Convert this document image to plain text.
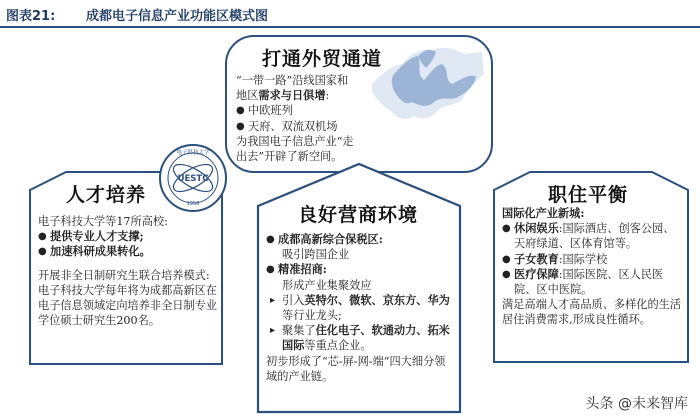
图表21: 成都电子信息产业功能区模式图
打通外贸通道

“一带一路”沿线国家和

地区需求与日俱增:

● 中欧班列
● 天府、双流双机场

为我国电子信息产业“走

出去”开辟了新空间。

人才培养
UESTC
1956
电子科技大学

电子科技大学等17所高校:

● 提供专业人才支撑;
● 加速科研成果转化。

开展非全日制研究生联合培养模式:电子科技大学每年将为成都高新区在电子信息领域定向培养非全日制专业学位硕士研究生200名。

良好营商环境
● 成都高新综合保税区:

吸引跨国企业

● 精准招商:

形成产业集聚效应

▸ 引入英特尔、微软、京东方、华为等行业龙头;
▸ 聚集了住化电子、软通动力、拓米国际等重点企业。

初步形成了“芯-屏-网-端”四大细分领域的产业链。

职住平衡

国际化产业新城:

● 休闲娱乐:国际酒店、创客公园、天府绿道、区体育馆等。
● 子女教育:国际学校
● 医疗保障:国际医院、区人民医院、区中医院。

满足高端人才高品质、多样化的生活居住消费需求,形成良性循环。

头条 @未来智库
